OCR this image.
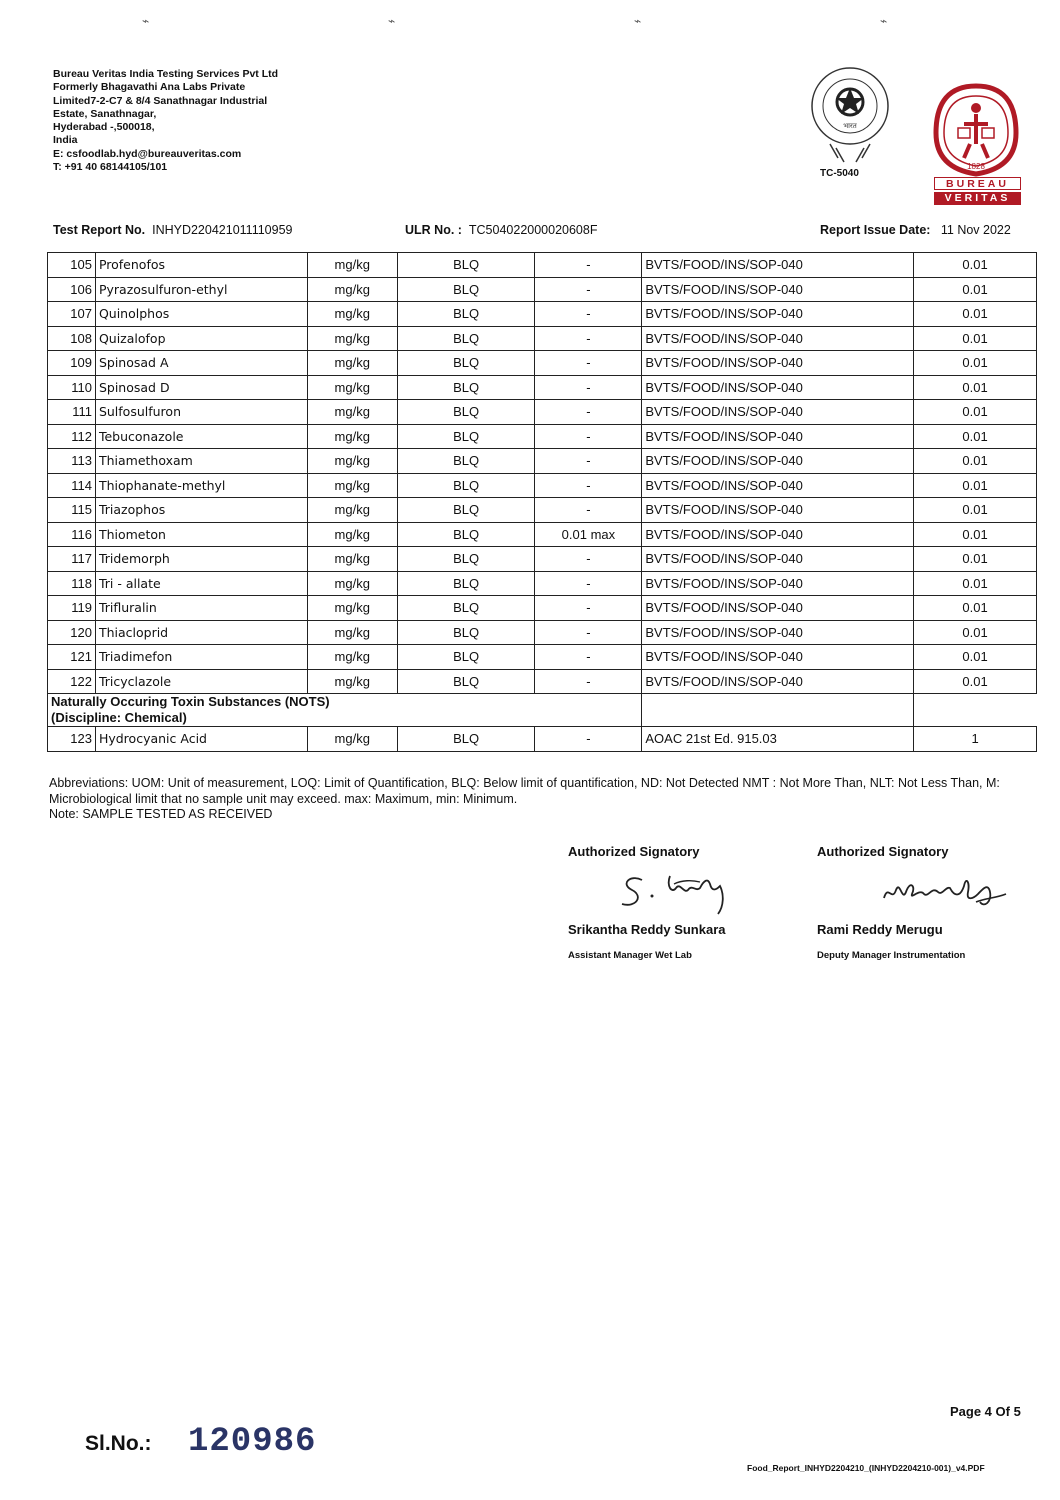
⌁	⌁	⌁	⌁
Bureau Veritas India Testing Services Pvt Ltd
Formerly Bhagavathi Ana Labs Private
Limited7-2-C7 & 8/4 Sanathnagar Industrial
Estate, Sanathnagar,
Hyderabad -,500018,
India
E: csfoodlab.hyd@bureauveritas.com
T: +91 40 68144105/101
भारत
TC-5040
1828
BUREAU
VERITAS
Test Report No. INHYD220421011110959	ULR No. : TC504022000020608F	Report Issue Date: 11 Nov 2022
105	Profenofos	mg/kg	BLQ	-	BVTS/FOOD/INS/SOP-040	0.01
106	Pyrazosulfuron-ethyl	mg/kg	BLQ	-	BVTS/FOOD/INS/SOP-040	0.01
107	Quinolphos	mg/kg	BLQ	-	BVTS/FOOD/INS/SOP-040	0.01
108	Quizalofop	mg/kg	BLQ	-	BVTS/FOOD/INS/SOP-040	0.01
109	Spinosad A	mg/kg	BLQ	-	BVTS/FOOD/INS/SOP-040	0.01
110	Spinosad D	mg/kg	BLQ	-	BVTS/FOOD/INS/SOP-040	0.01
111	Sulfosulfuron	mg/kg	BLQ	-	BVTS/FOOD/INS/SOP-040	0.01
112	Tebuconazole	mg/kg	BLQ	-	BVTS/FOOD/INS/SOP-040	0.01
113	Thiamethoxam	mg/kg	BLQ	-	BVTS/FOOD/INS/SOP-040	0.01
114	Thiophanate-methyl	mg/kg	BLQ	-	BVTS/FOOD/INS/SOP-040	0.01
115	Triazophos	mg/kg	BLQ	-	BVTS/FOOD/INS/SOP-040	0.01
116	Thiometon	mg/kg	BLQ	0.01 max	BVTS/FOOD/INS/SOP-040	0.01
117	Tridemorph	mg/kg	BLQ	-	BVTS/FOOD/INS/SOP-040	0.01
118	Tri - allate	mg/kg	BLQ	-	BVTS/FOOD/INS/SOP-040	0.01
119	Trifluralin	mg/kg	BLQ	-	BVTS/FOOD/INS/SOP-040	0.01
120	Thiacloprid	mg/kg	BLQ	-	BVTS/FOOD/INS/SOP-040	0.01
121	Triadimefon	mg/kg	BLQ	-	BVTS/FOOD/INS/SOP-040	0.01
122	Tricyclazole	mg/kg	BLQ	-	BVTS/FOOD/INS/SOP-040	0.01
Naturally Occuring Toxin Substances (NOTS)
(Discipline: Chemical)						
123	Hydrocyanic Acid	mg/kg	BLQ	-	AOAC 21st Ed. 915.03	1
Abbreviations: UOM: Unit of measurement, LOQ: Limit of Quantification, BLQ: Below limit of quantification, ND: Not Detected NMT : Not More Than, NLT: Not Less Than, M: Microbiological limit that no sample unit may exceed. max: Maximum, min: Minimum.
Note: SAMPLE TESTED AS RECEIVED
Authorized Signatory
Srikantha Reddy Sunkara
Assistant Manager Wet Lab
Authorized Signatory
Rami Reddy Merugu
Deputy Manager Instrumentation
Page 4 Of 5
Sl.No.: 120986
Food_Report_INHYD2204210_(INHYD2204210-001)_v4.PDF
